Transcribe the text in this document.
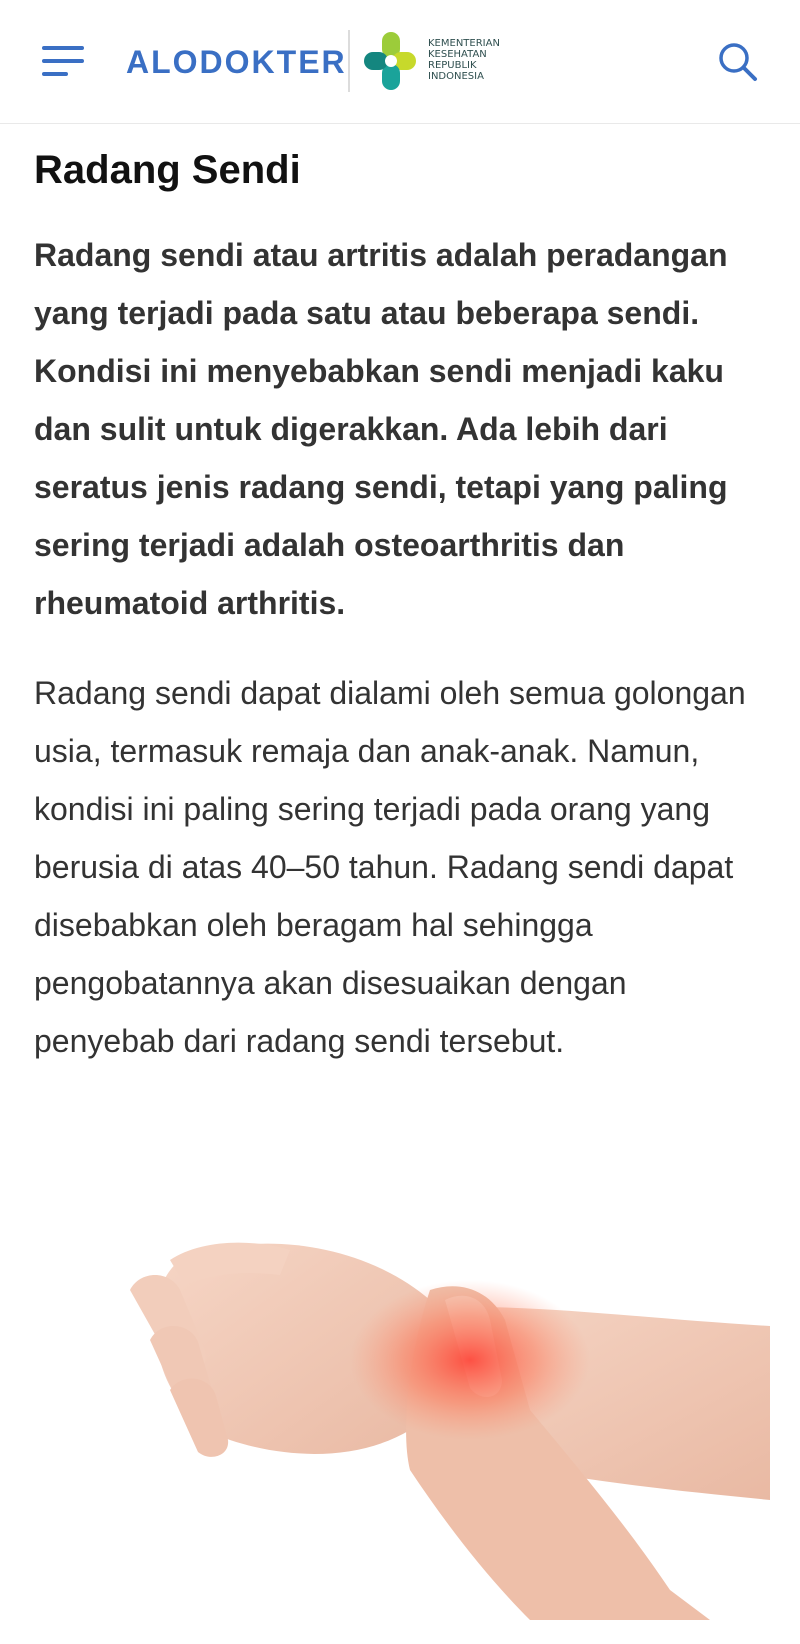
ALODOKTER
KEMENTERIAN
KESEHATAN
REPUBLIK
INDONESIA
Radang Sendi

Radang sendi atau artritis adalah peradangan yang terjadi pada satu atau beberapa sendi. Kondisi ini menyebabkan sendi menjadi kaku dan sulit untuk digerakkan. Ada lebih dari seratus jenis radang sendi, tetapi yang paling sering terjadi adalah osteoarthritis dan rheumatoid arthritis.

Radang sendi dapat dialami oleh semua golongan usia, termasuk remaja dan anak-anak. Namun, kondisi ini paling sering terjadi pada orang yang berusia di atas 40–50 tahun. Radang sendi dapat disebabkan oleh beragam hal sehingga pengobatannya akan disesuaikan dengan penyebab dari radang sendi tersebut.
